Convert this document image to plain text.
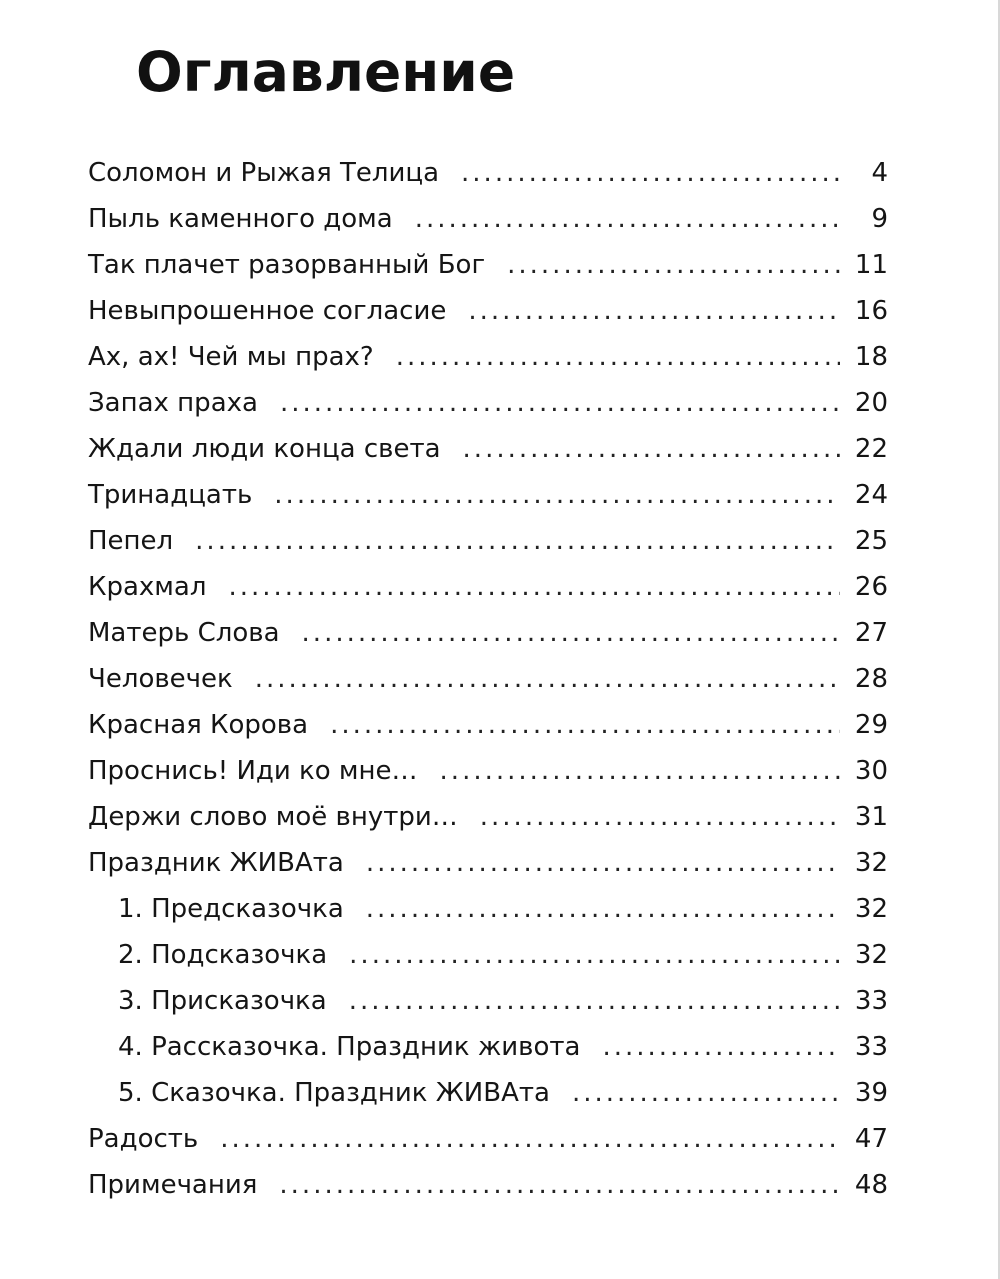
Оглавление
Соломон и Рыжая Телица .....	4
Пыль каменного дома .....	9
Так плачет разорванный Бог .....	11
Невыпрошенное согласие .....	16
Ах, ах! Чей мы прах? .....	18
Запах праха .....	20
Ждали люди конца света .....	22
Тринадцать .....	24
Пепел .....	25
Крахмал .....	26
Матерь Слова .....	27
Человечек .....	28
Красная Корова .....	29
Проснись! Иди ко мне… .....	30
Держи слово моё внутри… .....	31
Праздник ЖИВАта .....	32
1. Предсказочка .....	32
2. Подсказочка .....	32
3. Присказочка .....	33
4. Рассказочка. Праздник живота .....	33
5. Сказочка. Праздник ЖИВАта .....	39
Радость .....	47
Примечания .....	48
